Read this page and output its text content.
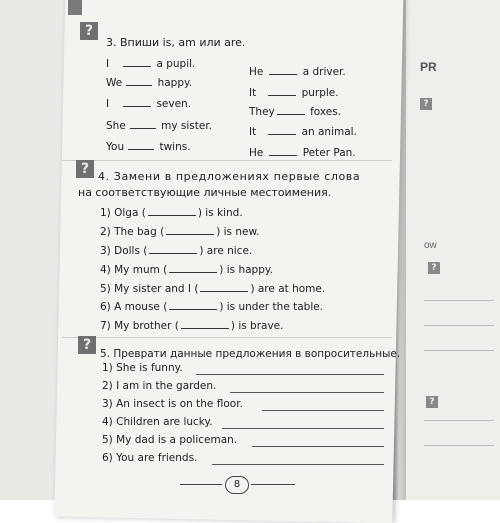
PR
?
?
?
ow
?
3. Впиши is, am или are.
I	a pupil.
We	happy.
I	seven.
She	my sister.
You	twins.
He	a driver.
It	purple.
They	foxes.
It	an animal.
He	Peter Pan.
? 4. Замени в предложениях первые слова
на соответствующие личные местоимения.
1) Olga (	) is kind.
2) The bag (	) is new.
3) Dolls (	) are nice.
4) My mum (	) is happy.
5) My sister and I (	) are at home.
6) A mouse (	) is under the table.
7) My brother (	) is brave.
?
5. Преврати данные предложения в вопросительные.
1) She is funny.
2) I am in the garden.
3) An insect is on the floor.
4) Children are lucky.
5) My dad is a policeman.
6) You are friends.
8
